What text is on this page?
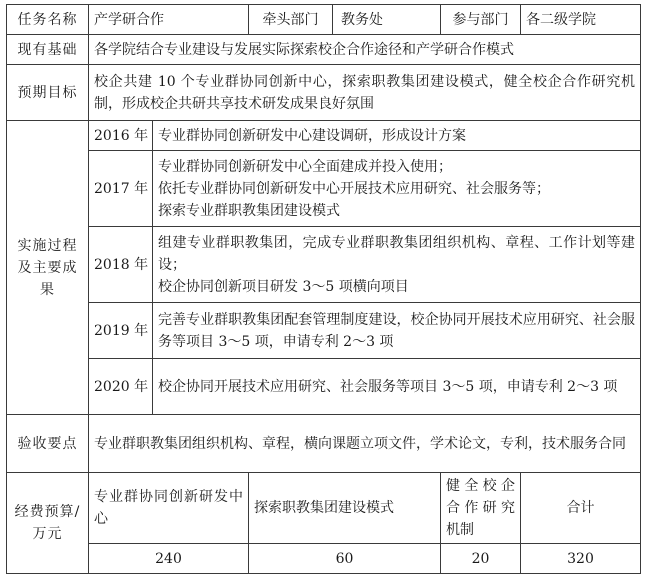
任务名称	产学研合作		牵头部门	教务处	参与部门	各二级学院
现有基础	各学院结合专业建设与发展实际探索校企合作途径和产学研合作模式					
预期目标	校企共建 10 个专业群协同创新中心，探索职教集团建设模式，健全校企合作研究机制，形成校企共研共享技术研发成果良好氛围					
实施过程及主要成果	2016 年	专业群协同创新研发中心建设调研，形成设计方案				

	2017 年	专业群协同创新研发中心全面建成并投入使用；
依托专业群协同创新研发中心开展技术应用研究、社会服务等；
探索专业群职教集团建设模式				

	2018 年	组建专业群职教集团，完成专业群职教集团组织机构、章程、工作计划等建设；
校企协同创新项目研发 3～5 项横向项目				

	2019 年	完善专业群职教集团配套管理制度建设，校企协同开展技术应用研究、社会服务等项目 3～5 项，申请专利 2～3 项				

	2020 年	校企协同开展技术应用研究、社会服务等项目 3～5 项，申请专利 2～3 项				

验收要点	专业群职教集团组织机构、章程，横向课题立项文件，学术论文，专利，技术服务合同					
经费预算/万元	专业群协同创新研发中心		探索职教集团建设模式		健全校企合作研究机制	合计
	240		60		20	320
